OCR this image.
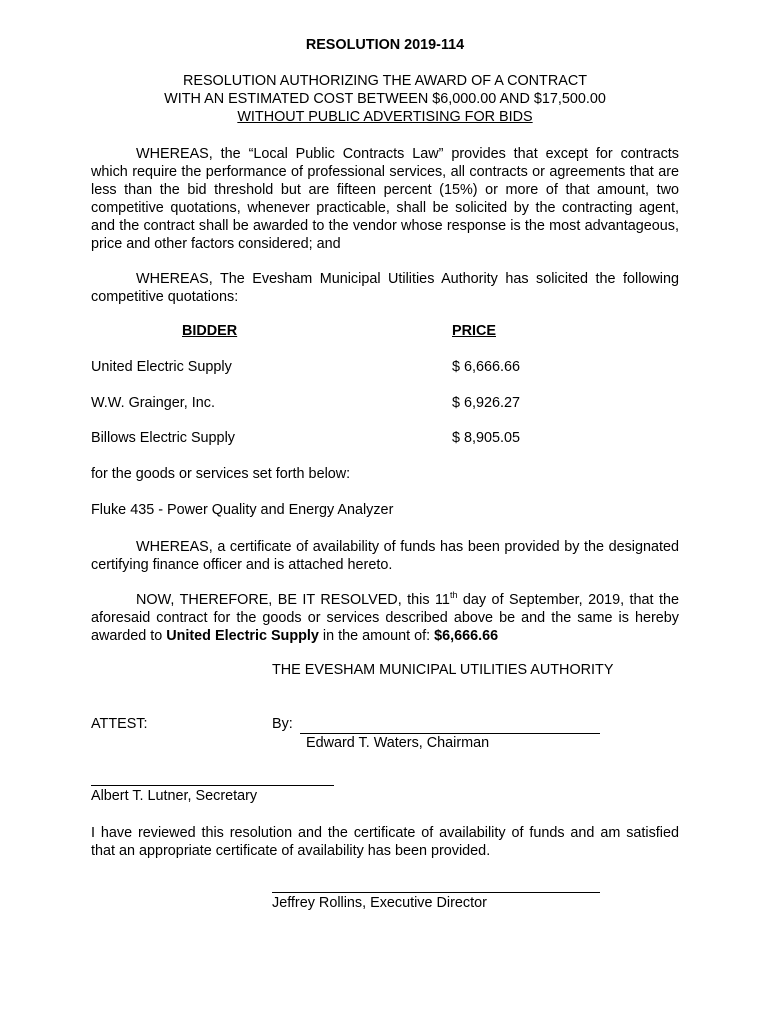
RESOLUTION 2019-114
RESOLUTION AUTHORIZING THE AWARD OF A CONTRACT
WITH AN ESTIMATED COST BETWEEN $6,000.00 AND $17,500.00
WITHOUT PUBLIC ADVERTISING FOR BIDS
WHEREAS, the “Local Public Contracts Law” provides that except for contracts which require the performance of professional services, all contracts or agreements that are less than the bid threshold but are fifteen percent (15%) or more of that amount, two competitive quotations, whenever practicable, shall be solicited by the contracting agent, and the contract shall be awarded to the vendor whose response is the most advantageous, price and other factors considered; and
WHEREAS, The Evesham Municipal Utilities Authority has solicited the following competitive quotations:
BIDDER	PRICE
United Electric Supply	$ 6,666.66
W.W. Grainger, Inc.	$ 6,926.27
Billows Electric Supply	$ 8,905.05
for the goods or services set forth below:
Fluke 435 - Power Quality and Energy Analyzer
WHEREAS, a certificate of availability of funds has been provided by the designated certifying finance officer and is attached hereto.
NOW, THEREFORE, BE IT RESOLVED, this 11th day of September, 2019, that the aforesaid contract for the goods or services described above be and the same is hereby awarded to United Electric Supply in the amount of: $6,666.66
THE EVESHAM MUNICIPAL UTILITIES AUTHORITY
ATTEST:	By:
Edward T. Waters, Chairman
Albert T. Lutner, Secretary
I have reviewed this resolution and the certificate of availability of funds and am satisfied that an appropriate certificate of availability has been provided.
Jeffrey Rollins, Executive Director
